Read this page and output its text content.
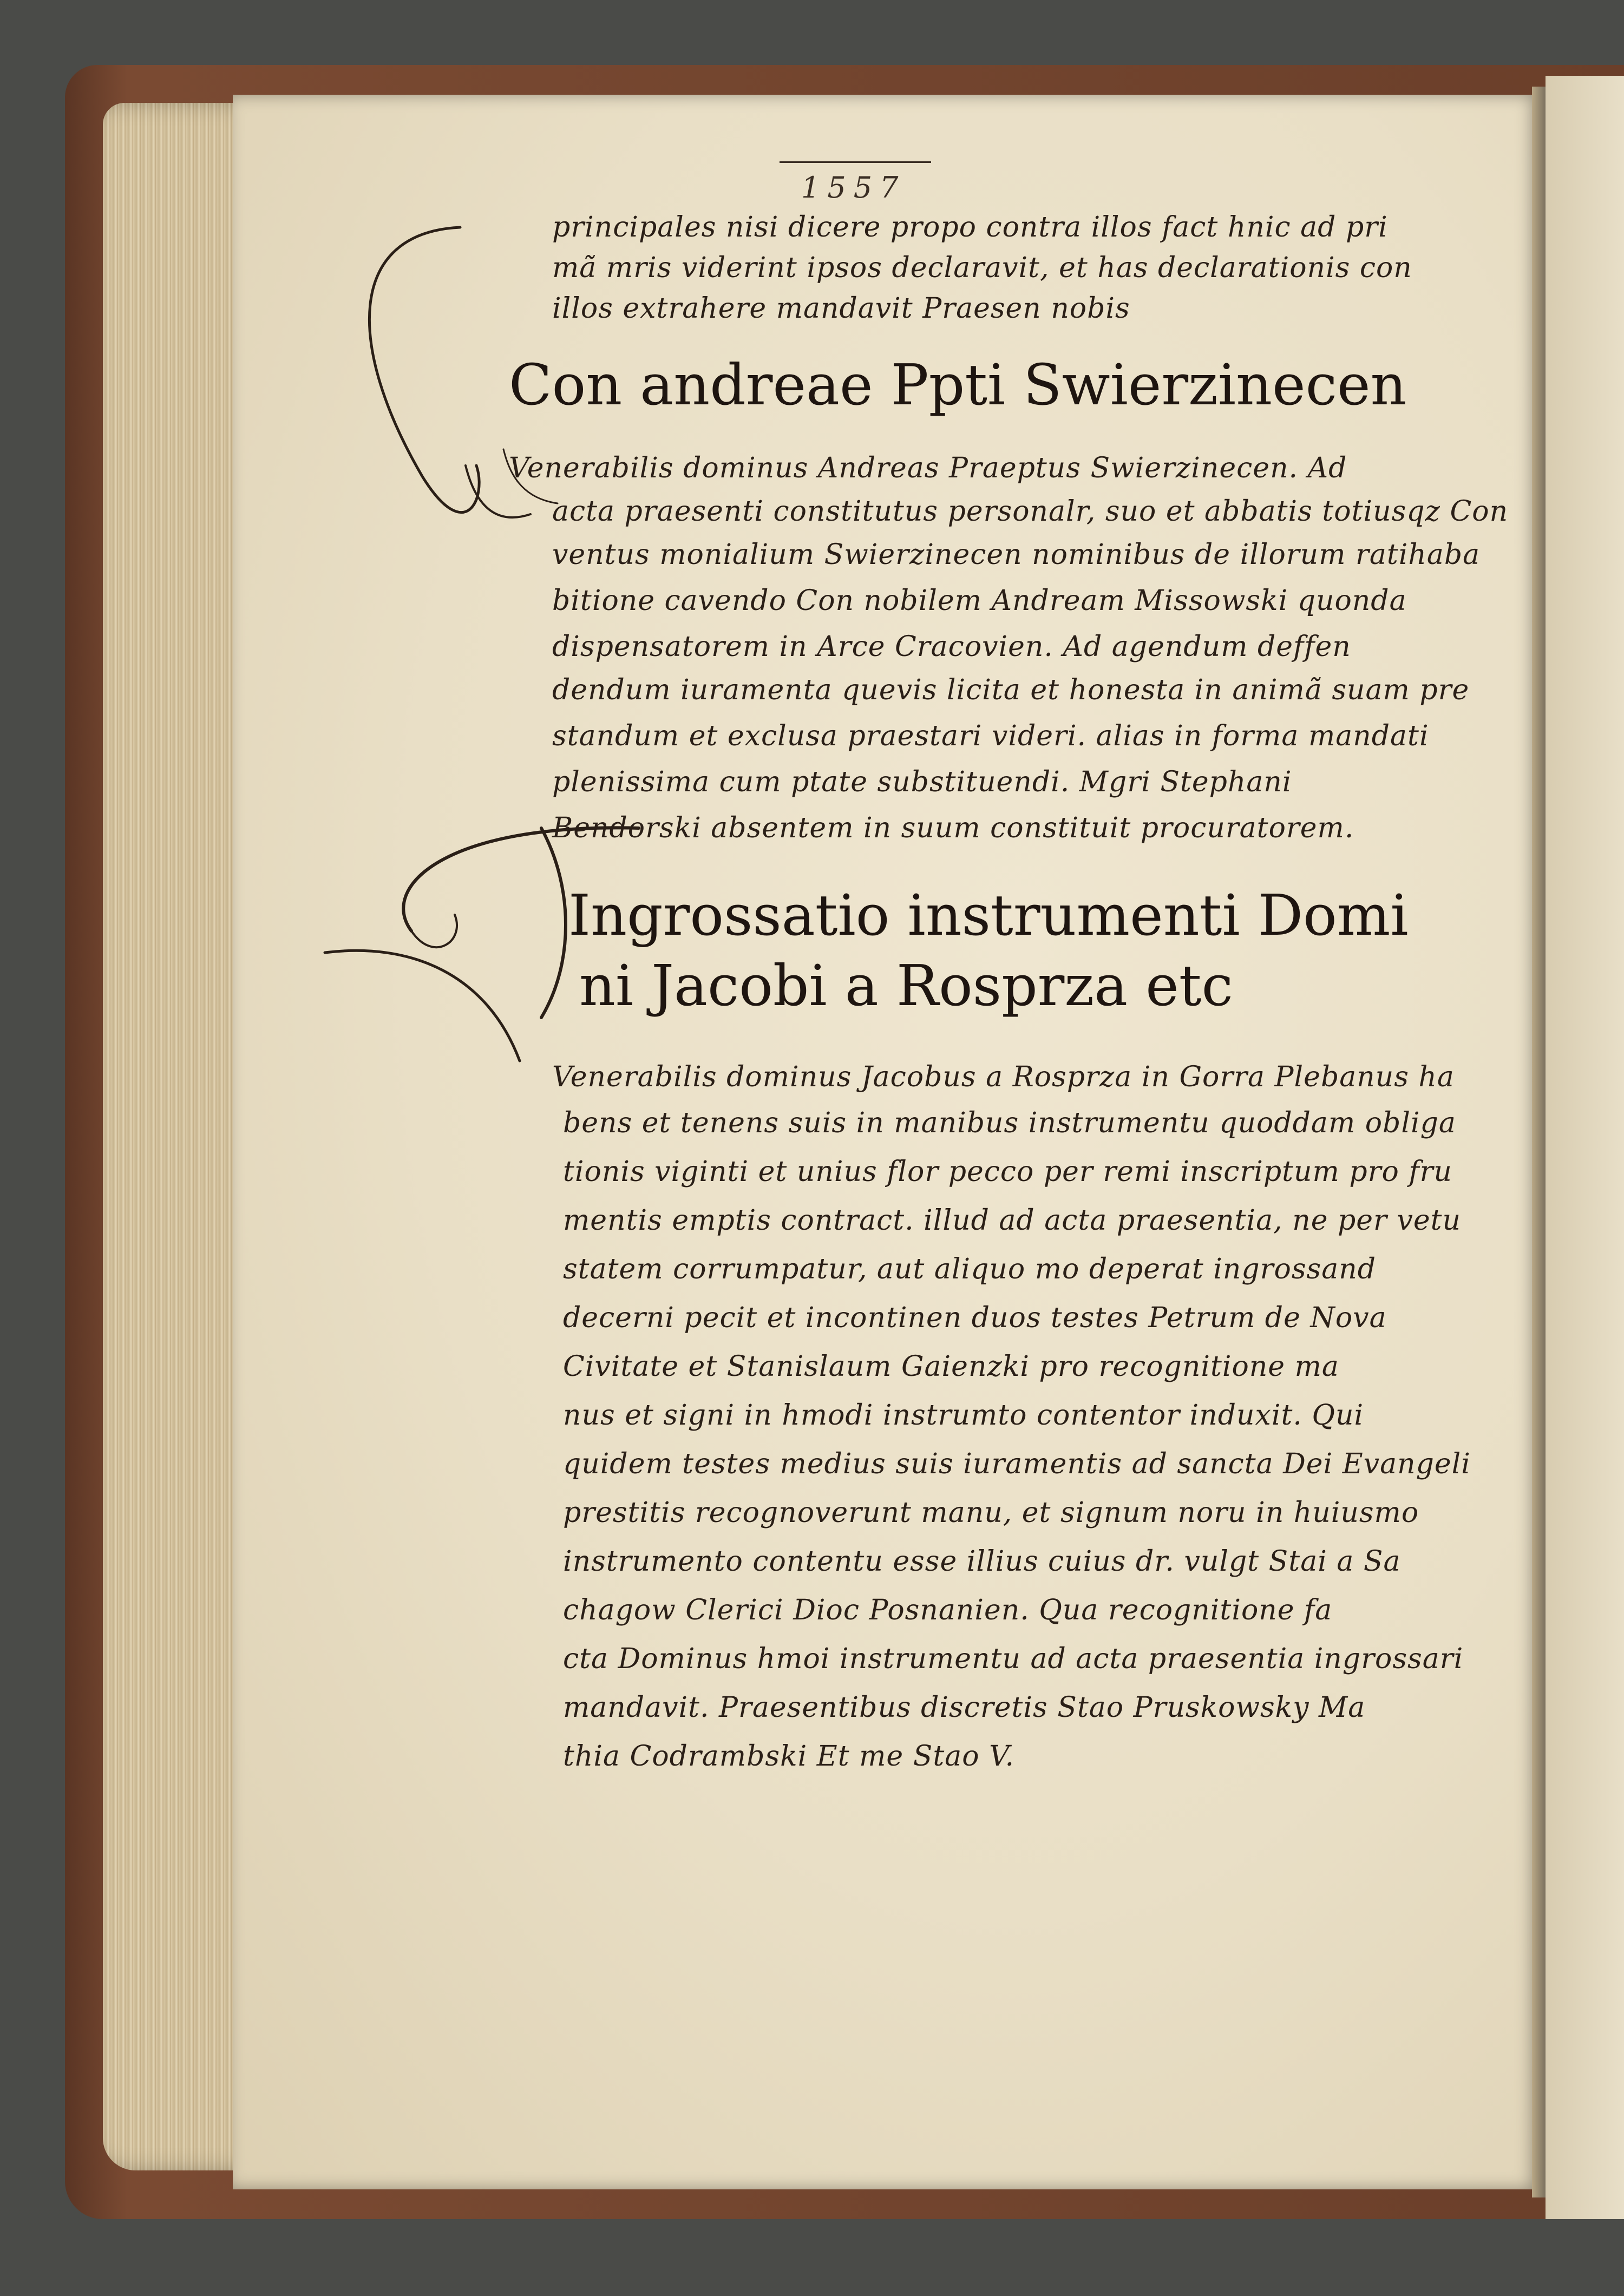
1557
principales nisi dicere propo contra illos fact hnic ad pri
mã mris viderint ipsos declaravit, et has declarationis con
illos extrahere mandavit Praesen nobis
Con andreae Ppti Swierzinecen
Venerabilis dominus Andreas Praeptus Swierzinecen. Ad
acta praesenti constitutus personalr, suo et abbatis totiusqz Con
ventus monialium Swierzinecen nominibus de illorum ratihaba
bitione cavendo Con nobilem Andream Missowski quonda
dispensatorem in Arce Cracovien. Ad agendum deffen
dendum iuramenta quevis licita et honesta in animã suam pre
standum et exclusa praestari videri. alias in forma mandati
plenissima cum ptate substituendi. Mgri Stephani
Bendorski absentem in suum constituit procuratorem.
Ingrossatio instrumenti Domi
ni Jacobi a Rosprza etc
Venerabilis dominus Jacobus a Rosprza in Gorra Plebanus ha
bens et tenens suis in manibus instrumentu quoddam obliga
tionis viginti et unius flor pecco per remi inscriptum pro fru
mentis emptis contract. illud ad acta praesentia, ne per vetu
statem corrumpatur, aut aliquo mo deperat ingrossand
decerni pecit et incontinen duos testes Petrum de Nova
Civitate et Stanislaum Gaienzki pro recognitione ma
nus et signi in hmodi instrumto contentor induxit. Qui
quidem testes medius suis iuramentis ad sancta Dei Evangeli
prestitis recognoverunt manu, et signum noru in huiusmo
instrumento contentu esse illius cuius dr. vulgt Stai a Sa
chagow Clerici Dioc Posnanien. Qua recognitione fa
cta Dominus hmoi instrumentu ad acta praesentia ingrossari
mandavit. Praesentibus discretis Stao Pruskowsky Ma
thia Codrambski Et me Stao V.
